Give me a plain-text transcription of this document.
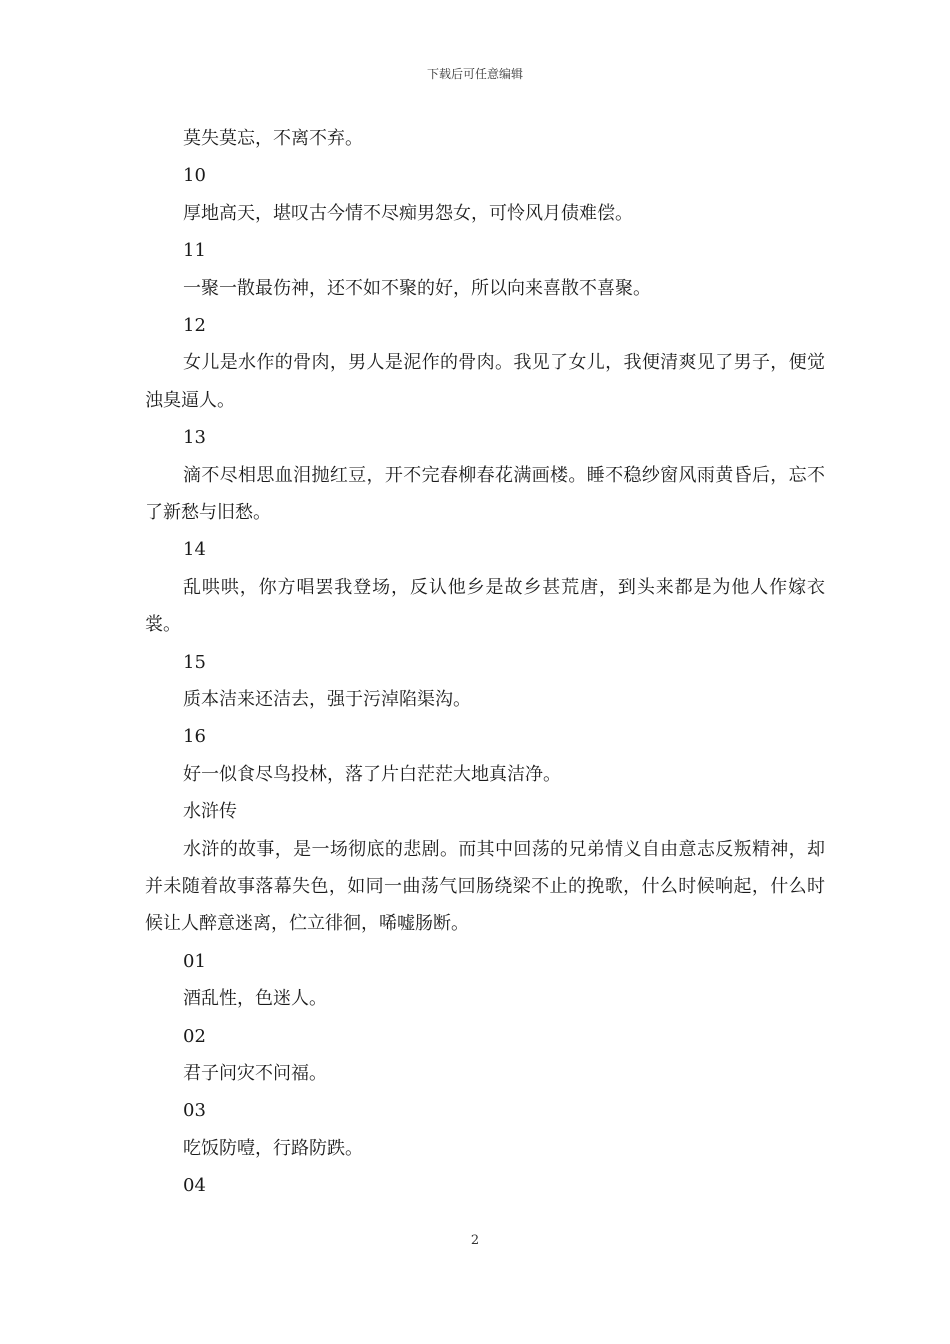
下载后可任意编辑
莫失莫忘，不离不弃。
10
厚地高天，堪叹古今情不尽痴男怨女，可怜风月债难偿。
11
一聚一散最伤神，还不如不聚的好，所以向来喜散不喜聚。
12
女儿是水作的骨肉，男人是泥作的骨肉。我见了女儿，我便清爽见了男子，便觉浊臭逼人。
13
滴不尽相思血泪抛红豆，开不完春柳春花满画楼。睡不稳纱窗风雨黄昏后，忘不了新愁与旧愁。
14
乱哄哄，你方唱罢我登场，反认他乡是故乡甚荒唐，到头来都是为他人作嫁衣裳。
15
质本洁来还洁去，强于污淖陷渠沟。
16
好一似食尽鸟投林，落了片白茫茫大地真洁净。
水浒传
水浒的故事，是一场彻底的悲剧。而其中回荡的兄弟情义自由意志反叛精神，却并未随着故事落幕失色，如同一曲荡气回肠绕梁不止的挽歌，什么时候响起，什么时候让人醉意迷离，伫立徘徊，唏嘘肠断。
01
酒乱性，色迷人。
02
君子问灾不问福。
03
吃饭防噎，行路防跌。
04
2
